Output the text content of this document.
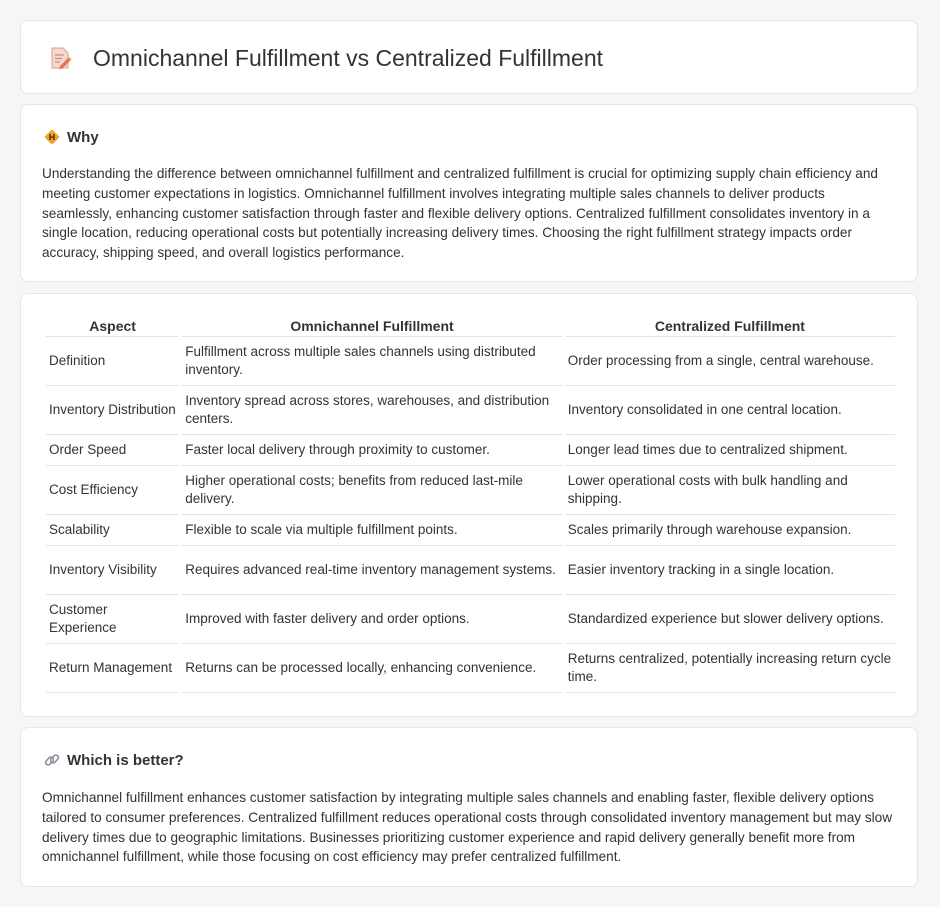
Omnichannel Fulfillment vs Centralized Fulfillment
Why

Understanding the difference between omnichannel fulfillment and centralized fulfillment is crucial for optimizing supply chain efficiency and meeting customer expectations in logistics. Omnichannel fulfillment involves integrating multiple sales channels to deliver products seamlessly, enhancing customer satisfaction through faster and flexible delivery options. Centralized fulfillment consolidates inventory in a single location, reducing operational costs but potentially increasing delivery times. Choosing the right fulfillment strategy impacts order accuracy, shipping speed, and overall logistics performance.

Aspect	Omnichannel Fulfillment	Centralized Fulfillment
Definition	Fulfillment across multiple sales channels using distributed inventory.	Order processing from a single, central warehouse.
Inventory Distribution	Inventory spread across stores, warehouses, and distribution centers.	Inventory consolidated in one central location.
Order Speed	Faster local delivery through proximity to customer.	Longer lead times due to centralized shipment.
Cost Efficiency	Higher operational costs; benefits from reduced last-mile delivery.	Lower operational costs with bulk handling and shipping.
Scalability	Flexible to scale via multiple fulfillment points.	Scales primarily through warehouse expansion.
Inventory Visibility	Requires advanced real-time inventory management systems.	Easier inventory tracking in a single location.
Customer Experience	Improved with faster delivery and order options.	Standardized experience but slower delivery options.
Return Management	Returns can be processed locally, enhancing convenience.	Returns centralized, potentially increasing return cycle time.
Which is better?

Omnichannel fulfillment enhances customer satisfaction by integrating multiple sales channels and enabling faster, flexible delivery options tailored to consumer preferences. Centralized fulfillment reduces operational costs through consolidated inventory management but may slow delivery times due to geographic limitations. Businesses prioritizing customer experience and rapid delivery generally benefit more from omnichannel fulfillment, while those focusing on cost efficiency may prefer centralized fulfillment.
